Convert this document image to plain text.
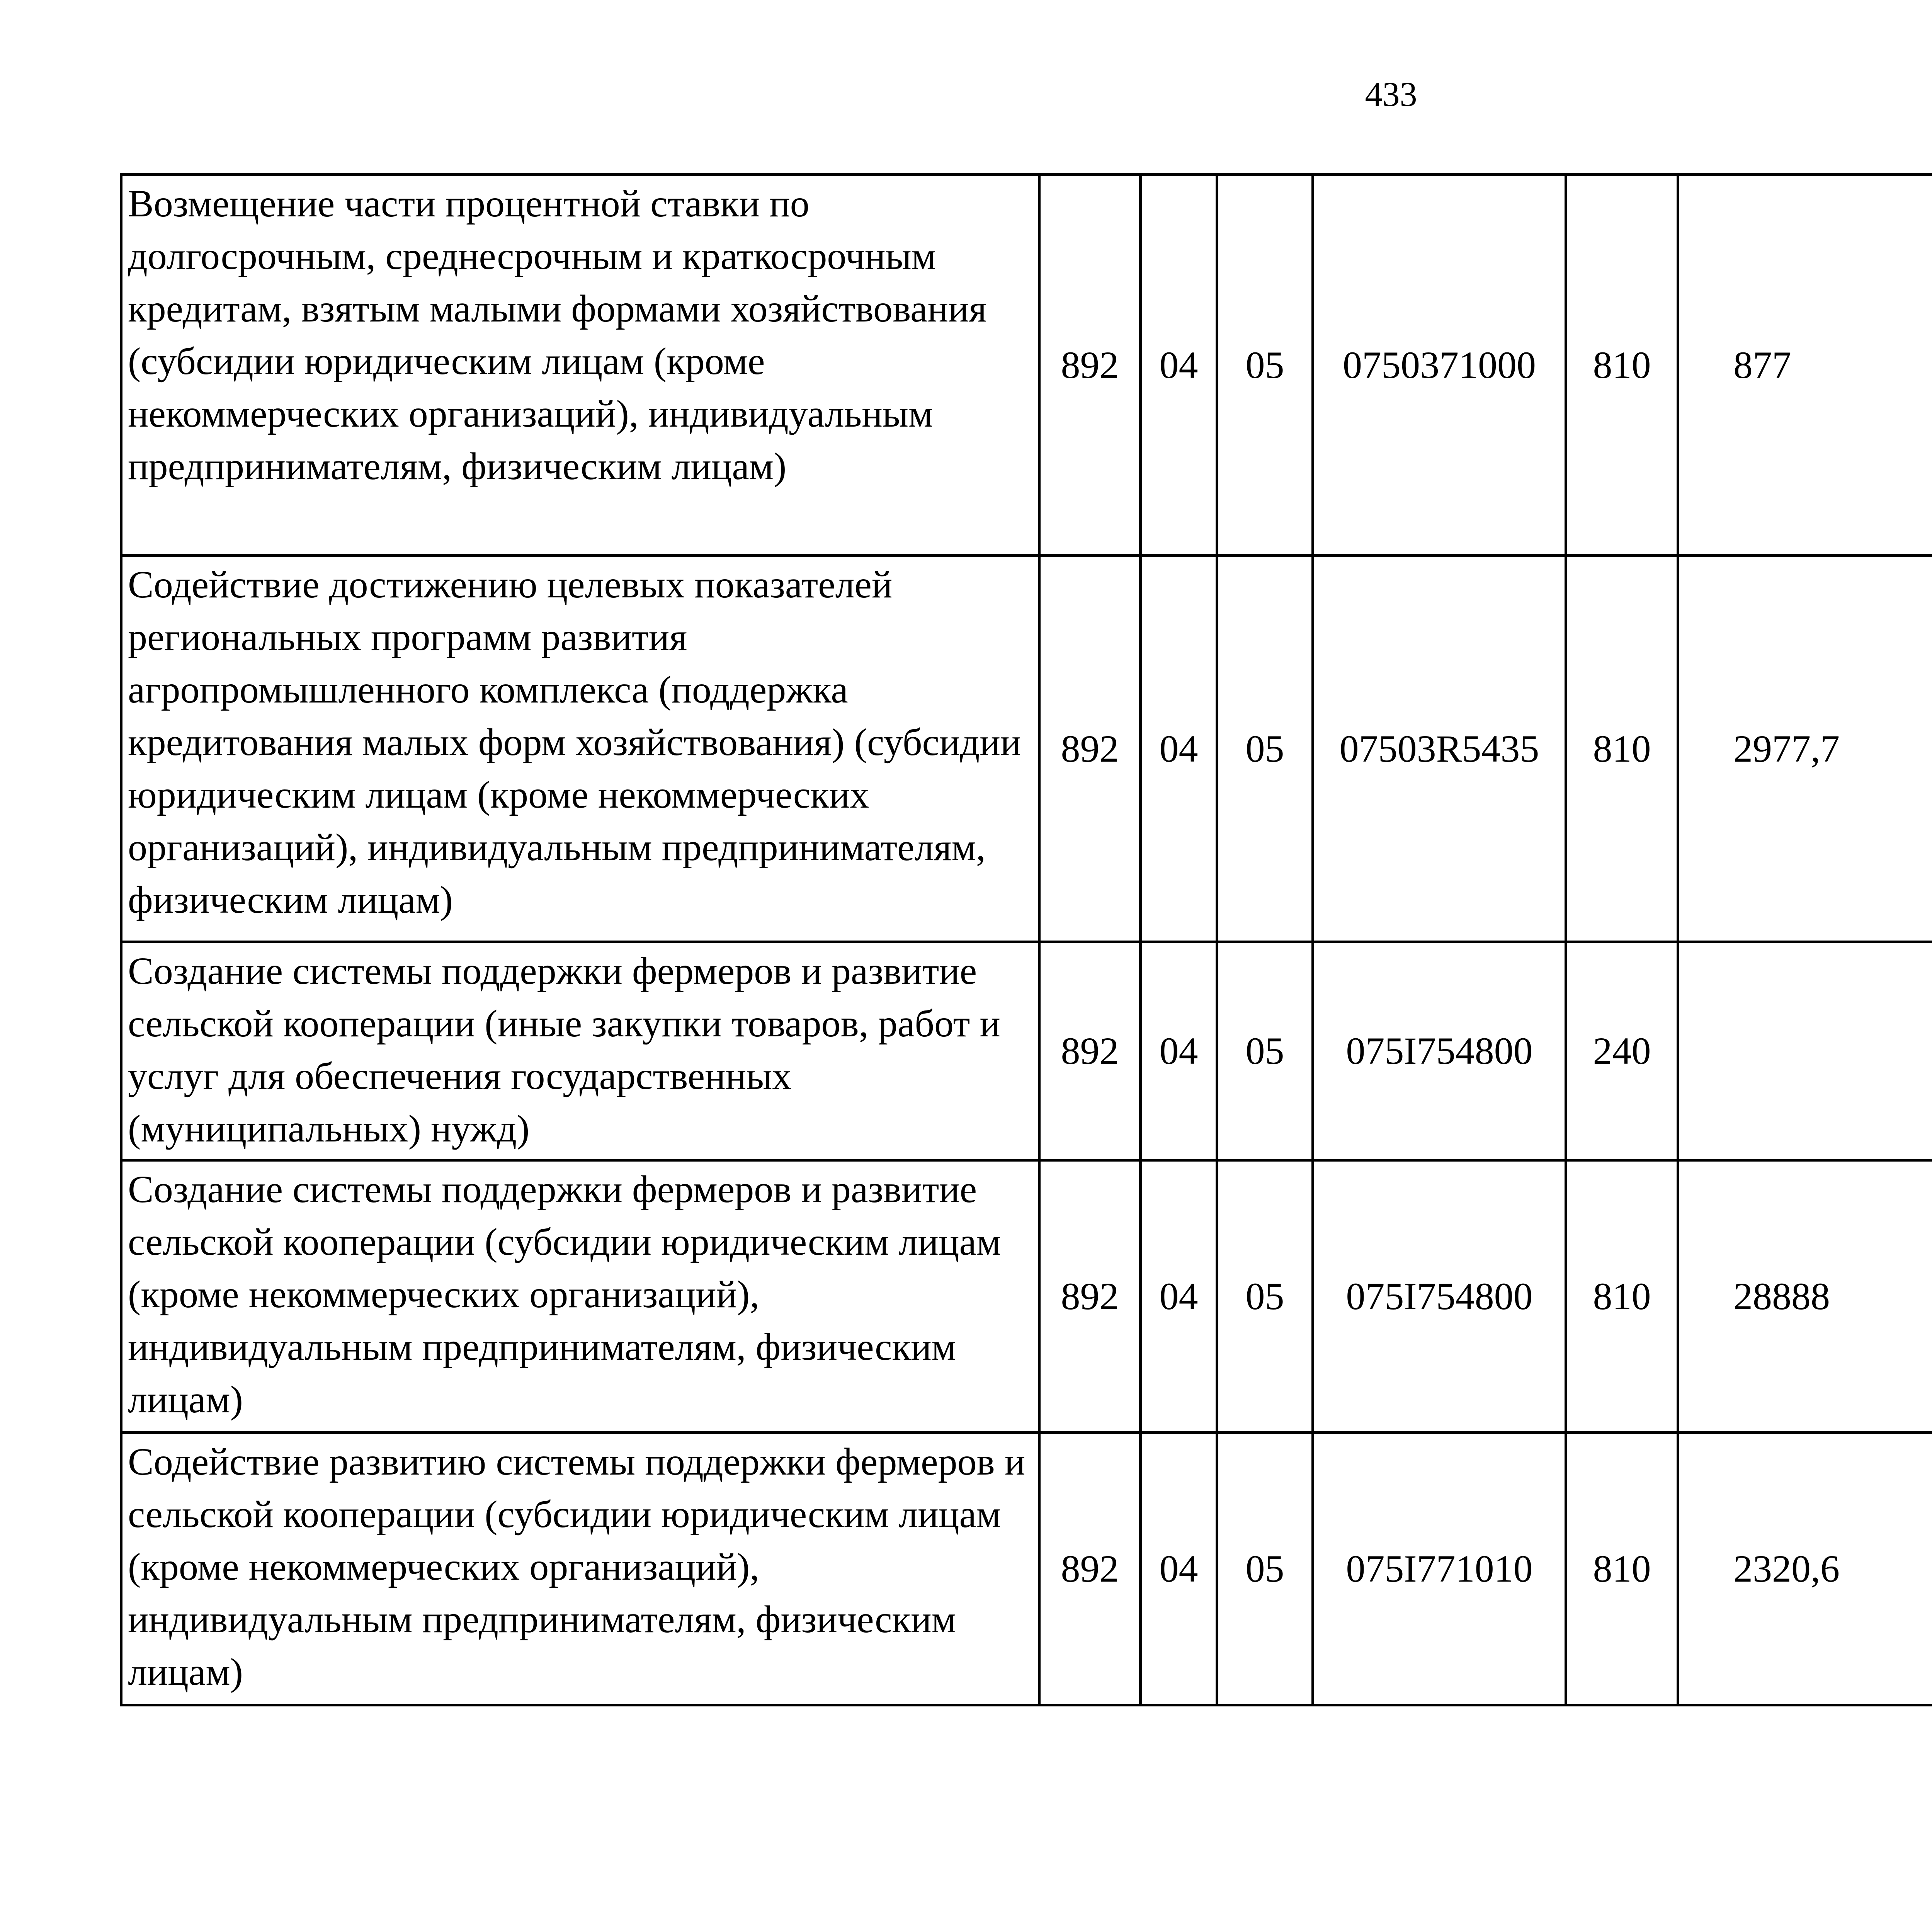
433
Возмещение части процентной ставки по долгосрочным, среднесрочным и краткосрочным кредитам, взятым малыми формами хозяйствования (субсидии юридическим лицам (кроме некоммерческих организаций), индивидуальным предпринимателям, физическим лицам)	892	04	05	0750371000	810	877		
Содействие достижению целевых показателей региональных программ развития агропромышленного комплекса (поддержка кредитования малых форм хозяйствования) (субсидии юридическим лицам (кроме некоммерческих организаций), индивидуальным предпринимателям, физическим лицам)	892	04	05	07503R5435	810	2977,7		
Создание системы поддержки фермеров и развитие сельской кооперации (иные закупки товаров, работ и услуг для обеспечения государственных (муниципальных) нужд)	892	04	05	075I754800	240			
Создание системы поддержки фермеров и развитие сельской кооперации (субсидии юридическим лицам (кроме некоммерческих организаций), индивидуальным предпринимателям, физическим лицам)	892	04	05	075I754800	810	28888		
Содействие развитию системы поддержки фермеров и сельской кооперации (субсидии юридическим лицам (кроме некоммерческих организаций), индивидуальным предпринимателям, физическим лицам)	892	04	05	075I771010	810	2320,6		
